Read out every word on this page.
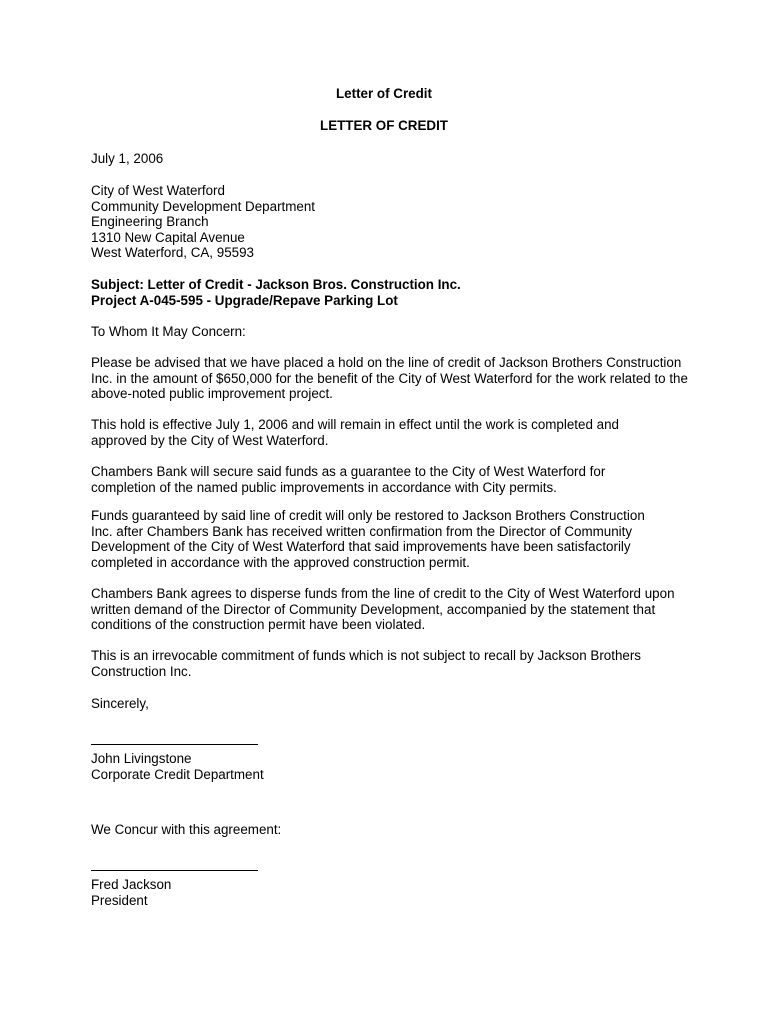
Letter of Credit
LETTER OF CREDIT

July 1, 2006

City of West Waterford

Community Development Department

Engineering Branch

1310 New Capital Avenue

West Waterford, CA, 95593

Subject: Letter of Credit - Jackson Bros. Construction Inc.

Project A-045-595 - Upgrade/Repave Parking Lot

To Whom It May Concern:

Please be advised that we have placed a hold on the line of credit of Jackson Brothers Construction Inc. in the amount of $650,000 for the benefit of the City of West Waterford for the work related to the above-noted public improvement project.

This hold is effective July 1, 2006 and will remain in effect until the work is completed and approved by the City of West Waterford.

Chambers Bank will secure said funds as a guarantee to the City of West Waterford for completion of the named public improvements in accordance with City permits.

Funds guaranteed by said line of credit will only be restored to Jackson Brothers Construction Inc. after Chambers Bank has received written confirmation from the Director of Community Development of the City of West Waterford that said improvements have been satisfactorily completed in accordance with the approved construction permit.

Chambers Bank agrees to disperse funds from the line of credit to the City of West Waterford upon written demand of the Director of Community Development, accompanied by the statement that conditions of the construction permit have been violated.

This is an irrevocable commitment of funds which is not subject to recall by Jackson Brothers Construction Inc.

Sincerely,

John Livingstone

Corporate Credit Department

We Concur with this agreement:

Fred Jackson

President
